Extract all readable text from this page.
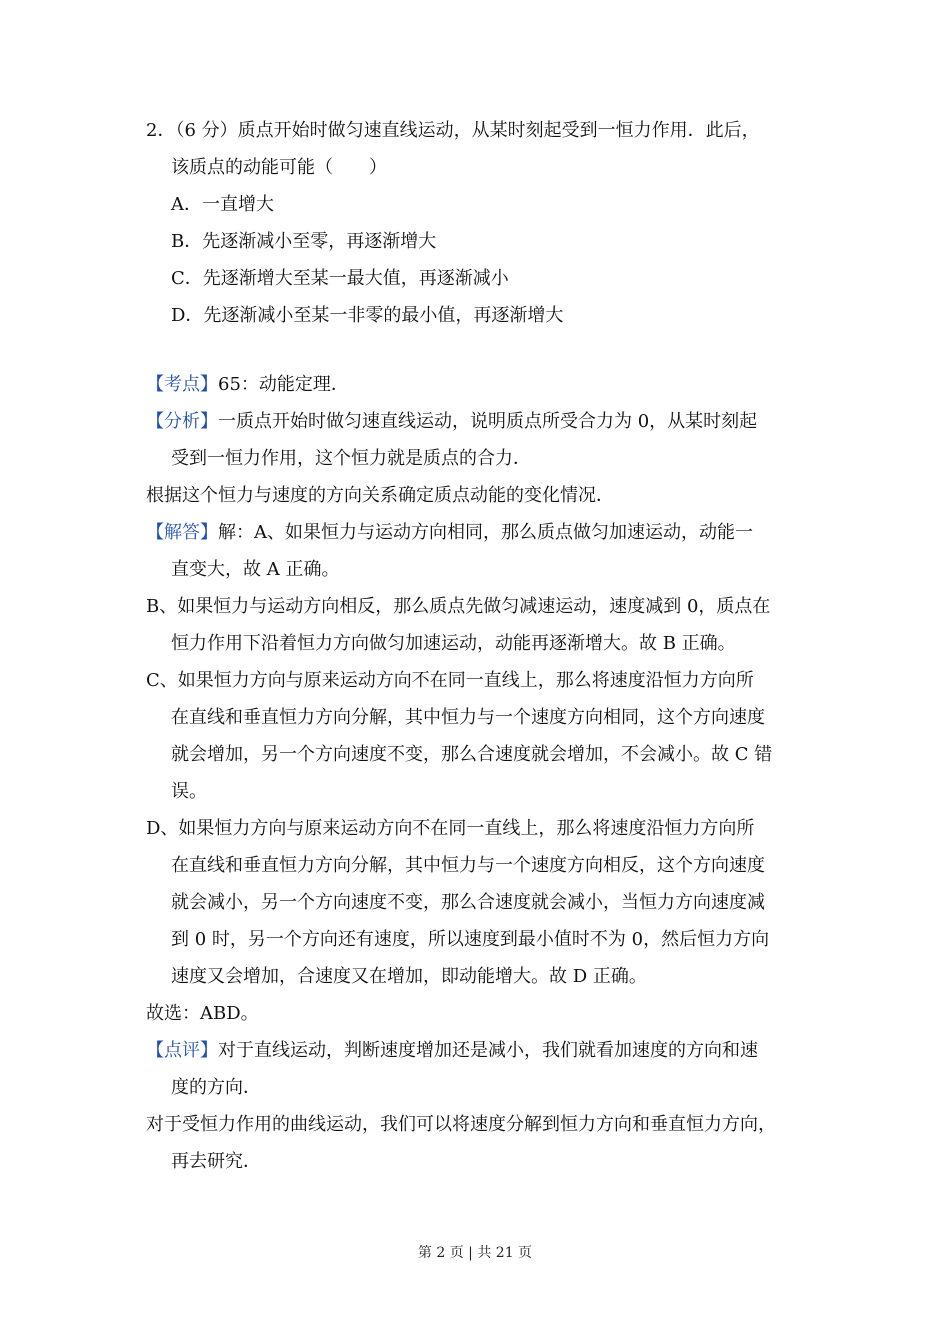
2．（6 分）质点开始时做匀速直线运动，从某时刻起受到一恒力作用．此后，
该质点的动能可能（　　）
A．一直增大
B．先逐渐减小至零，再逐渐增大
C．先逐渐增大至某一最大值，再逐渐减小
D．先逐渐减小至某一非零的最小值，再逐渐增大
【考点】65：动能定理．
【分析】一质点开始时做匀速直线运动，说明质点所受合力为 0，从某时刻起
受到一恒力作用，这个恒力就是质点的合力．
根据这个恒力与速度的方向关系确定质点动能的变化情况．
【解答】解：A、如果恒力与运动方向相同，那么质点做匀加速运动，动能一
直变大，故 A 正确。
B、如果恒力与运动方向相反，那么质点先做匀减速运动，速度减到 0，质点在
恒力作用下沿着恒力方向做匀加速运动，动能再逐渐增大。故 B 正确。
C、如果恒力方向与原来运动方向不在同一直线上，那么将速度沿恒力方向所
在直线和垂直恒力方向分解，其中恒力与一个速度方向相同，这个方向速度
就会增加，另一个方向速度不变，那么合速度就会增加，不会减小。故 C 错
误。
D、如果恒力方向与原来运动方向不在同一直线上，那么将速度沿恒力方向所
在直线和垂直恒力方向分解，其中恒力与一个速度方向相反，这个方向速度
就会减小，另一个方向速度不变，那么合速度就会减小，当恒力方向速度减
到 0 时，另一个方向还有速度，所以速度到最小值时不为 0，然后恒力方向
速度又会增加，合速度又在增加，即动能增大。故 D 正确。
故选：ABD。
【点评】对于直线运动，判断速度增加还是减小，我们就看加速度的方向和速
度的方向．
对于受恒力作用的曲线运动，我们可以将速度分解到恒力方向和垂直恒力方向，
再去研究．
第 2 页 | 共 21 页
